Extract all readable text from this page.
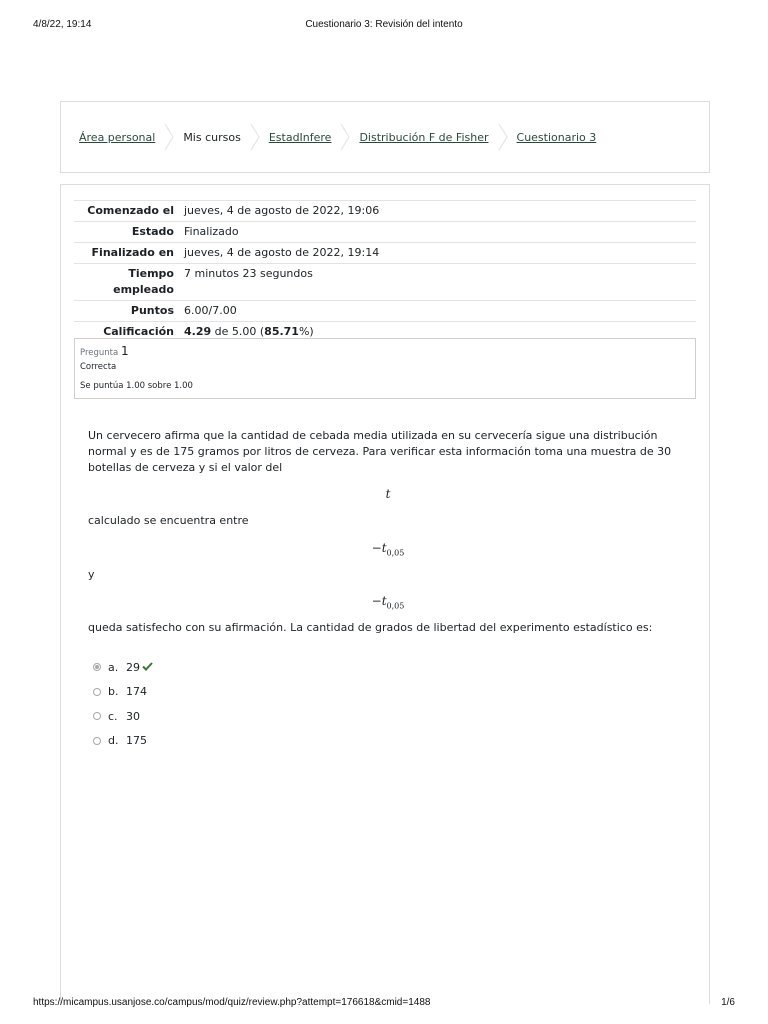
4/8/22, 19:14	Cuestionario 3: Revisión del intento
Área personal	Mis cursos	EstadInfere	Distribución F de Fisher	Cuestionario 3
Comenzado el	jueves, 4 de agosto de 2022, 19:06
Estado	Finalizado
Finalizado en	jueves, 4 de agosto de 2022, 19:14
Tiempo empleado	7 minutos 23 segundos
Puntos	6.00/7.00
Calificación	4.29 de 5.00 (85.71%)
Pregunta 1
Correcta
Se puntúa 1.00 sobre 1.00
Un cervecero afirma que la cantidad de cebada media utilizada en su cervecería sigue una distribución normal y es de 175 gramos por litros de cerveza. Para verificar esta información toma una muestra de 30 botellas de cerveza y si el valor del
t
calculado se encuentra entre
$-t_{0,05}$
y
$-t_{0,05}$
queda satisfecho con su afirmación. La cantidad de grados de libertad del experimento estadístico es:
a. 29
b. 174
c. 30
d. 175
https://micampus.usanjose.co/campus/mod/quiz/review.php?attempt=176618&cmid=1488	1/6
